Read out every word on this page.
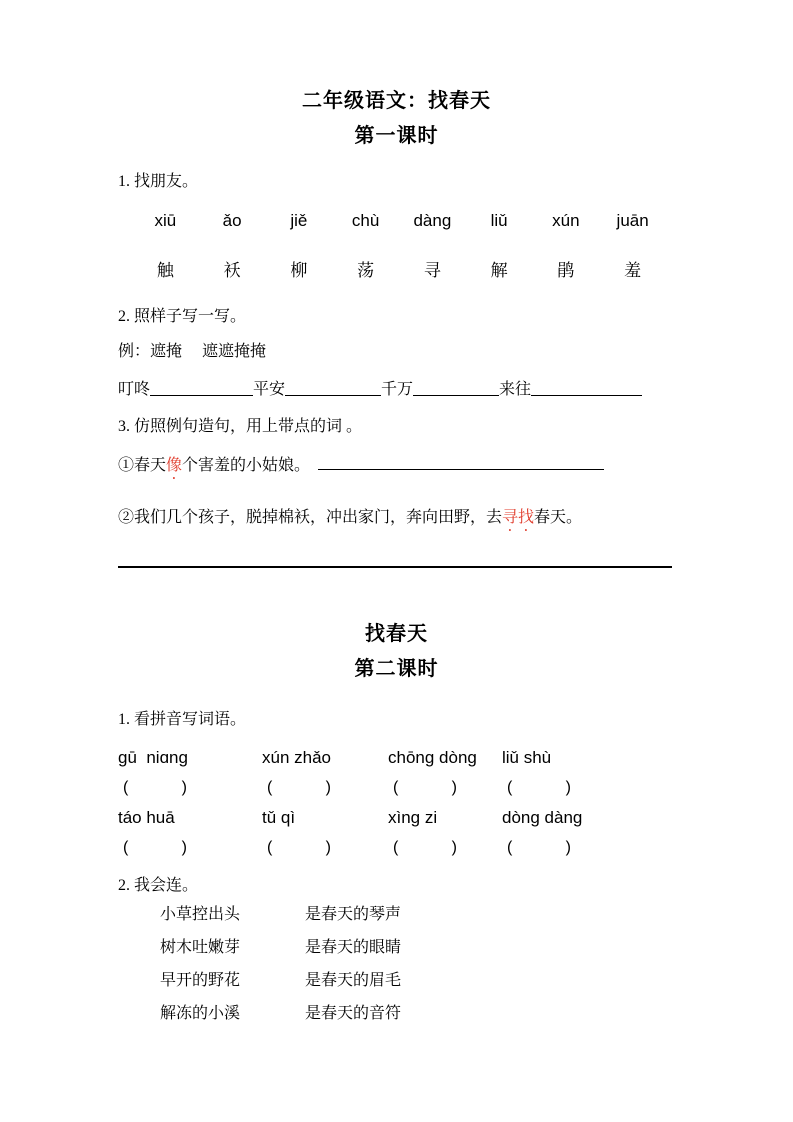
二年级语文：找春天
第一课时
1. 找朋友。
xiū	ǎo	jiě	chù	dàng	liǔ	xún	juān
触	袄	柳	荡	寻	解	鹃	羞
2. 照样子写一写。
例：遮掩　 遮遮掩掩
叮咚	平安	千万	来往
3. 仿照例句造句，用上带点的词 。

①春天像个害羞的小姑娘。

②我们几个孩子，脱掉棉袄，冲出家门，奔向田野，去寻找春天。

找春天
第二课时
1. 看拼音写词语。
gū  niɑng	xún zhǎo	chōng dòng	liǔ shù
(	)	(	)	(	)	(	)
táo huā	tǔ qì	xìng zi	dòng dàng
(	)	(	)	(	)	(	)
2. 我会连。
小草控出头	是春天的琴声
树木吐嫩芽	是春天的眼睛
早开的野花	是春天的眉毛
解冻的小溪	是春天的音符
